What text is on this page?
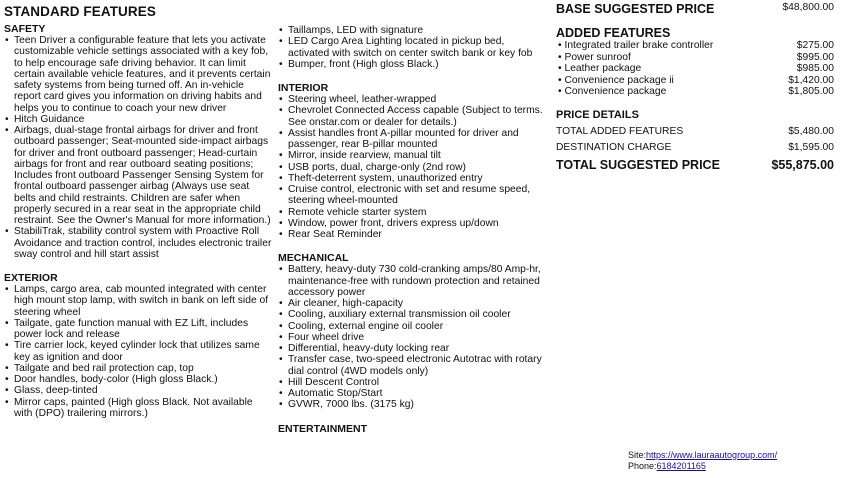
STANDARD FEATURES
SAFETY
• Teen Driver a configurable feature that lets you activate customizable vehicle settings associated with a key fob, to help encourage safe driving behavior. It can limit certain available vehicle features, and it prevents certain safety systems from being turned off. An in-vehicle report card gives you information on driving habits and helps you to continue to coach your new driver
• Hitch Guidance
• Airbags, dual-stage frontal airbags for driver and front outboard passenger; Seat-mounted side-impact airbags for driver and front outboard passenger; Head-curtain airbags for front and rear outboard seating positions; Includes front outboard Passenger Sensing System for frontal outboard passenger airbag (Always use seat belts and child restraints. Children are safer when properly secured in a rear seat in the appropriate child restraint. See the Owner's Manual for more information.)
• StabiliTrak, stability control system with Proactive Roll Avoidance and traction control, includes electronic trailer sway control and hill start assist
EXTERIOR
• Lamps, cargo area, cab mounted integrated with center high mount stop lamp, with switch in bank on left side of steering wheel
• Tailgate, gate function manual with EZ Lift, includes power lock and release
• Tire carrier lock, keyed cylinder lock that utilizes same key as ignition and door
• Tailgate and bed rail protection cap, top
• Door handles, body-color (High gloss Black.)
• Glass, deep-tinted
• Mirror caps, painted (High gloss Black. Not available with (DPO) trailering mirrors.)
• Taillamps, LED with signature
• LED Cargo Area Lighting located in pickup bed, activated with switch on center switch bank or key fob
• Bumper, front (High gloss Black.)
INTERIOR
• Steering wheel, leather-wrapped
• Chevrolet Connected Access capable (Subject to terms. See onstar.com or dealer for details.)
• Assist handles front A-pillar mounted for driver and passenger, rear B-pillar mounted
• Mirror, inside rearview, manual tilt
• USB ports, dual, charge-only (2nd row)
• Theft-deterrent system, unauthorized entry
• Cruise control, electronic with set and resume speed, steering wheel-mounted
• Remote vehicle starter system
• Window, power front, drivers express up/down
• Rear Seat Reminder
MECHANICAL
• Battery, heavy-duty 730 cold-cranking amps/80 Amp-hr, maintenance-free with rundown protection and retained accessory power
• Air cleaner, high-capacity
• Cooling, auxiliary external transmission oil cooler
• Cooling, external engine oil cooler
• Four wheel drive
• Differential, heavy-duty locking rear
• Transfer case, two-speed electronic Autotrac with rotary dial control (4WD models only)
• Hill Descent Control
• Automatic Stop/Start
• GVWR, 7000 lbs. (3175 kg)
ENTERTAINMENT
BASE SUGGESTED PRICE	$48,800.00
ADDED FEATURES
• Integrated trailer brake controller	$275.00
• Power sunroof	$995.00
• Leather package	$985.00
• Convenience package ii	$1,420.00
• Convenience package	$1,805.00
PRICE DETAILS
TOTAL ADDED FEATURES	$5,480.00
DESTINATION CHARGE	$1,595.00
TOTAL SUGGESTED PRICE	$55,875.00
Site:https://www.lauraautogroup.com/
Phone:6184201165
